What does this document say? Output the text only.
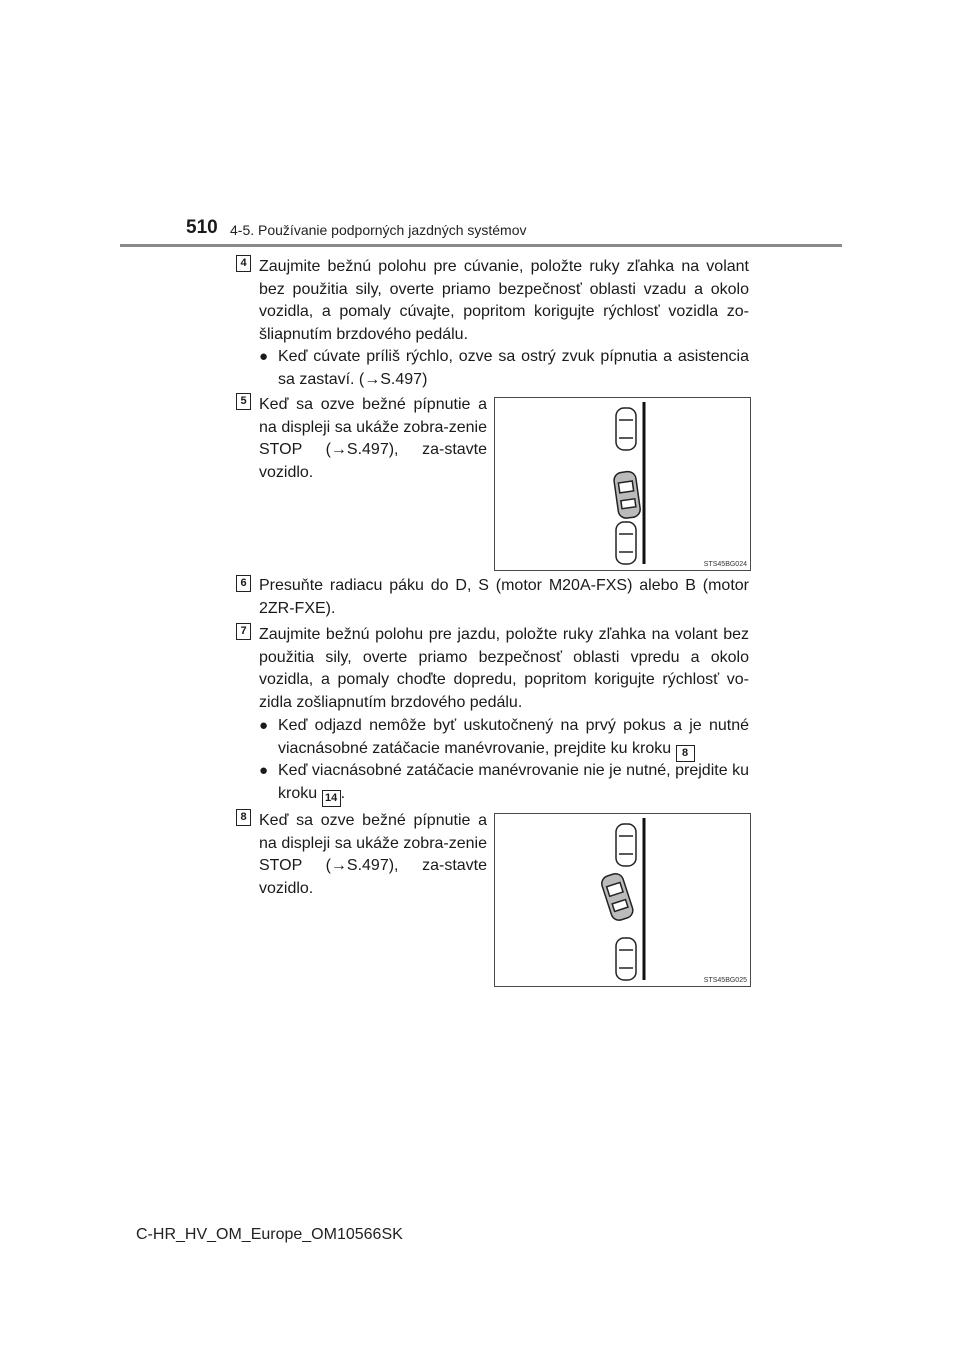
510 4-5. Používanie podporných jazdných systémov
4 Zaujmite bežnú polohu pre cúvanie, položte ruky zľahka na volant bez použitia sily, overte priamo bezpečnosť oblasti vzadu a okolo vozidla, a pomaly cúvajte, popritom korigujte rýchlosť vozidla zo-šliapnutím brzdového pedálu.

● Keď cúvate príliš rýchlo, ozve sa ostrý zvuk pípnutia a asistencia sa zastaví. (→S.497)
5 Keď sa ozve bežné pípnutie a na displeji sa ukáže zobra-zenie STOP (→S.497), za-stavte vozidlo.

STS45BG024
6 Presuňte radiacu páku do D, S (motor M20A-FXS) alebo B (motor 2ZR-FXE).

7 Zaujmite bežnú polohu pre jazdu, položte ruky zľahka na volant bez použitia sily, overte priamo bezpečnosť oblasti vpredu a okolo vozidla, a pomaly choďte dopredu, popritom korigujte rýchlosť vo-zidla zošliapnutím brzdového pedálu.

● Keď odjazd nemôže byť uskutočnený na prvý pokus a je nutné viacnásobné zatáčacie manévrovanie, prejdite ku kroku 8
● Keď viacnásobné zatáčacie manévrovanie nie je nutné, prejdite ku kroku 14 .
8 Keď sa ozve bežné pípnutie a na displeji sa ukáže zobra-zenie STOP (→S.497), za-stavte vozidlo.

STS45BG025
C-HR_HV_OM_Europe_OM10566SK
